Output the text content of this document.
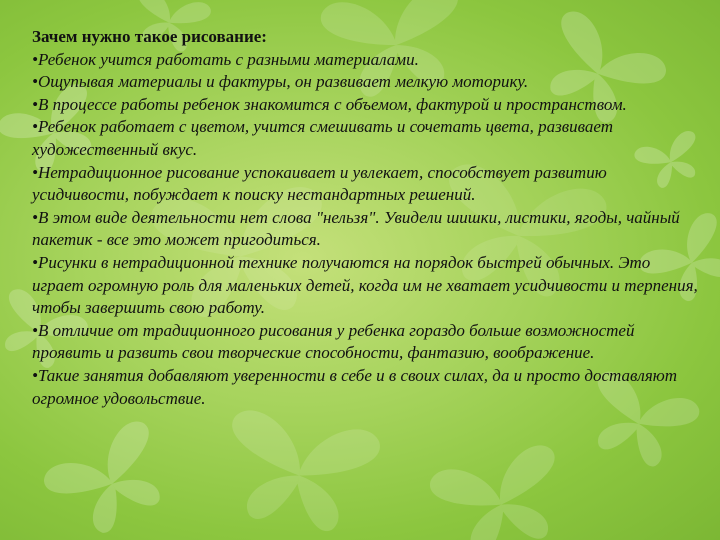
Зачем нужно такое рисование:

•Ребенок учится работать с разными материалами.
•Ощупывая материалы и фактуры, он развивает мелкую моторику.
•В процессе работы ребенок знакомится с объемом, фактурой и пространством.
•Ребенок работает с цветом, учится смешивать и сочетать цвета, развивает художественный вкус.
•Нетрадиционное рисование успокаивает и увлекает, способствует развитию усидчивости, побуждает к поиску нестандартных решений.
•В этом виде деятельности нет слова "нельзя". Увидели шишки, листики, ягоды, чайный пакетик - все это может пригодиться.
•Рисунки в нетрадиционной технике получаются на порядок быстрей обычных. Это играет огромную роль для маленьких детей, когда им не хватает усидчивости и терпения, чтобы завершить свою работу.
•В отличие от традиционного рисования у ребенка гораздо больше возможностей проявить и развить свои творческие способности, фантазию, воображение.
•Такие занятия добавляют уверенности в себе и в своих силах, да и просто доставляют огромное удовольствие.
